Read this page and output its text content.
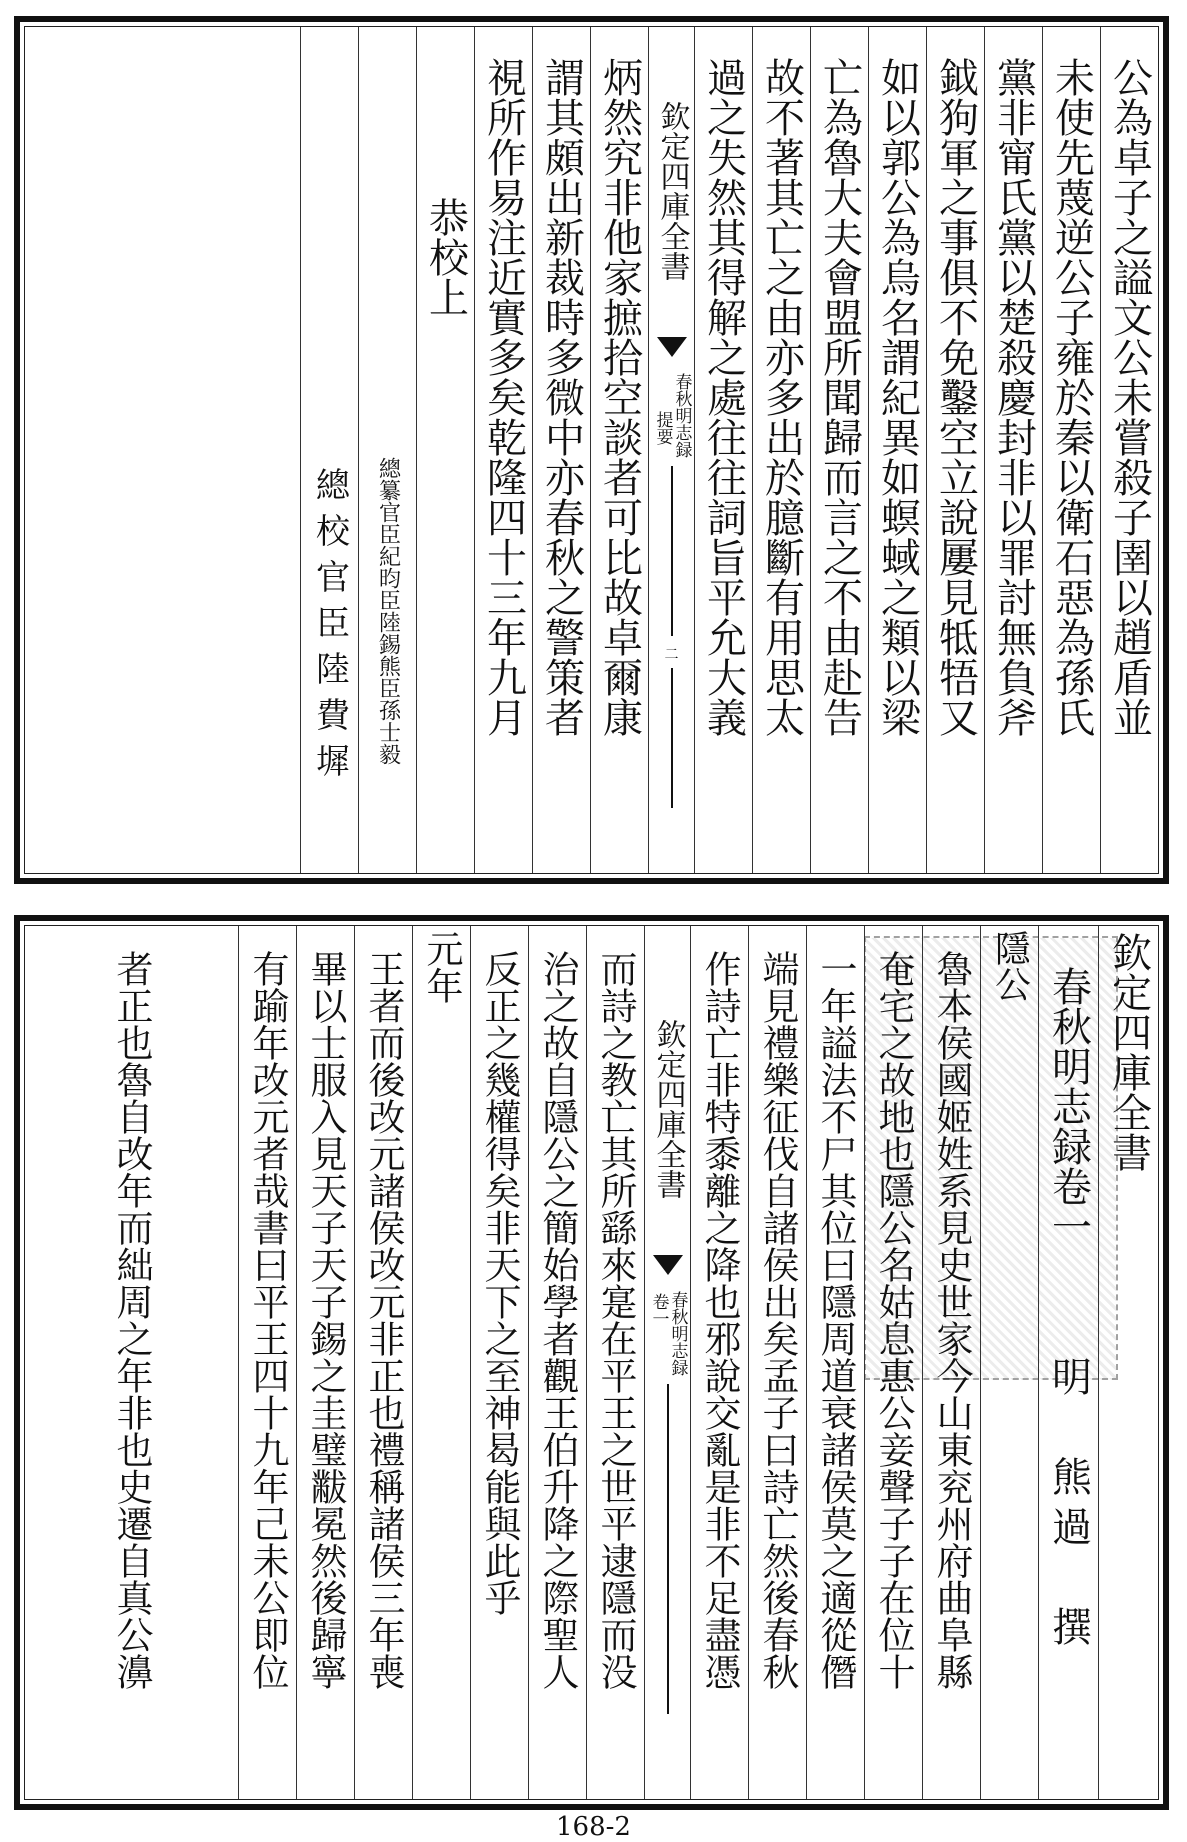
公為卓子之謚文公未嘗殺子圉以趙盾並
未使先蔑逆公子雍於秦以衛石惡為孫氏
黨非甯氏黨以楚殺慶封非以罪討無負斧
鉞狗軍之事俱不免鑿空立說屢見牴牾又
如以郭公為烏名謂紀異如螟蜮之類以梁
亡為魯大夫會盟所聞歸而言之不由赴告
故不著其亡之由亦多出於臆斷有用思太
過之失然其得解之處往往詞旨平允大義
欽定四庫全書
春秋明志録
提要
二
炳然究非他家摭拾空談者可比故卓爾康
謂其頗出新裁時多微中亦春秋之警策者
視所作易注近實多矣乾隆四十三年九月
恭校上
總纂官臣紀昀臣陸錫熊臣孫士毅
總校官臣陸費墀
欽定四庫全書
春秋明志録卷一
明　熊過　撰
隱公
魯本侯國姬姓系見史世家今山東兖州府曲阜縣
奄宅之故地也隱公名姑息惠公妾聲子子在位十
一年謚法不尸其位曰隱周道衰諸侯莫之適從僭
端見禮樂征伐自諸侯出矣孟子曰詩亡然後春秋
作詩亡非特黍離之降也邪說交亂是非不足盡憑
欽定四庫全書
春秋明志録
卷一
而詩之教亡其所繇來寔在平王之世平逮隱而没
治之故自隱公之簡始學者觀王伯升降之際聖人
反正之幾權得矣非天下之至神曷能與此乎
元年
王者而後改元諸侯改元非正也禮稱諸侯三年喪
畢以士服入見天子天子錫之圭璧黻冕然後歸寧
有踰年改元者哉書曰平王四十九年己未公即位
者正也魯自改年而絀周之年非也史遷自真公濞
168-2
